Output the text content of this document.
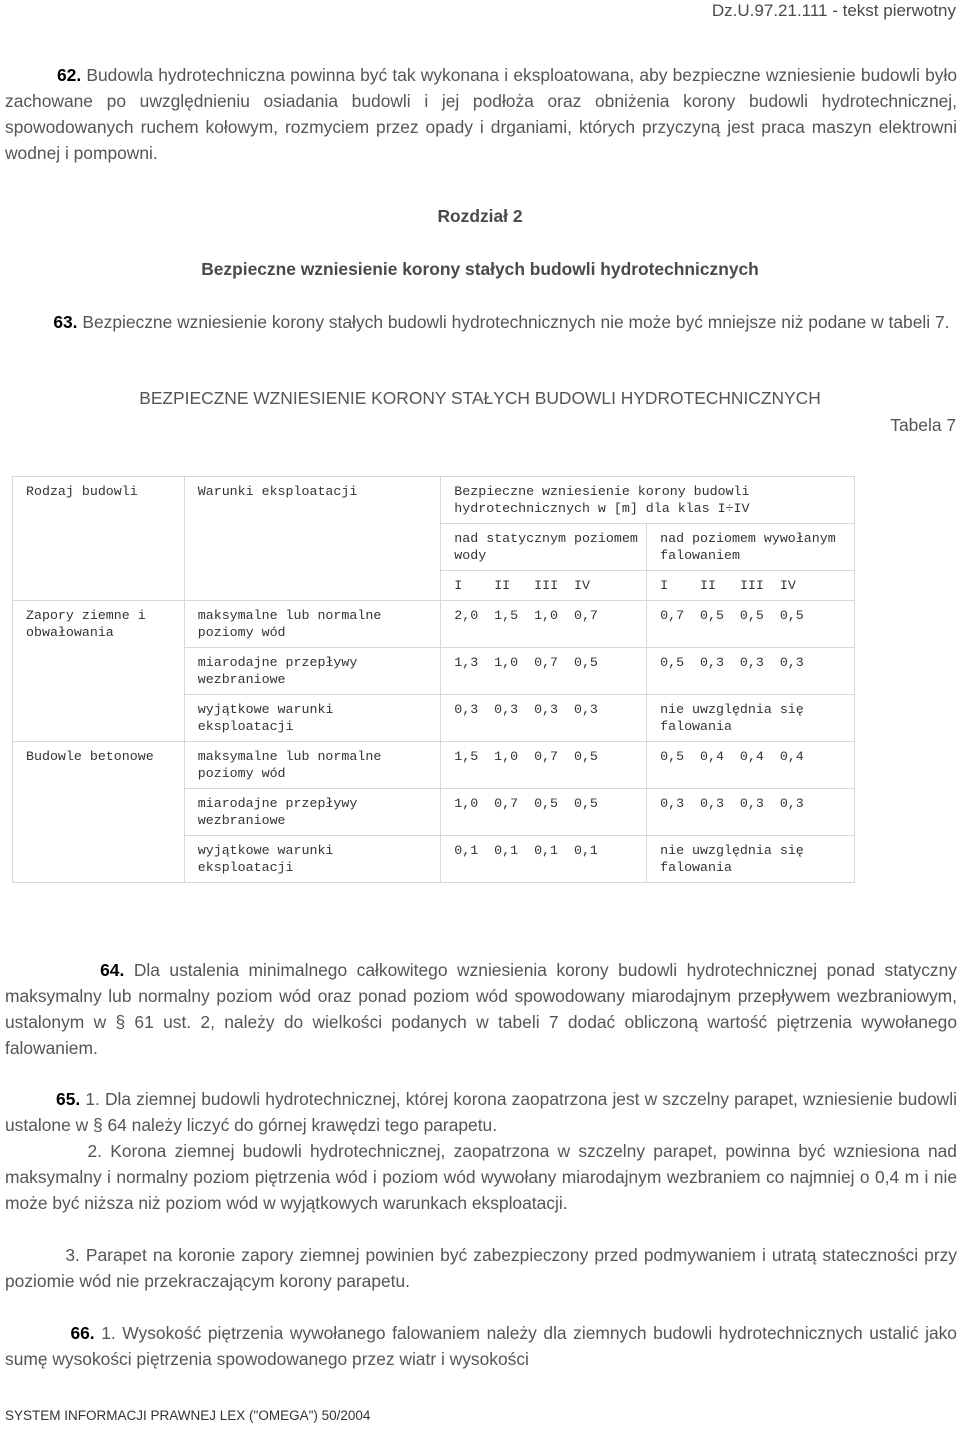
Dz.U.97.21.111 - tekst pierwotny

62. Budowla hydrotechniczna powinna być tak wykonana i eksploatowana, aby bezpieczne wzniesienie budowli było zachowane po uwzględnieniu osiadania budowli i jej podłoża oraz obniżenia korony budowli hydrotechnicznej, spowodowanych ruchem kołowym, rozmyciem przez opady i drganiami, których przyczyną jest praca maszyn elektrowni wodnej i pompowni.

Rozdział 2

Bezpieczne wzniesienie korony stałych budowli hydrotechnicznych

63. Bezpieczne wzniesienie korony stałych budowli hydrotechnicznych nie może być mniejsze niż podane w tabeli 7.

BEZPIECZNE WZNIESIENIE KORONY STAŁYCH BUDOWLI HYDROTECHNICZNYCH

Tabela 7

Rodzaj budowli	Warunki eksploatacji	Bezpieczne wzniesienie korony budowli hydrotechnicznych w [m] dla klas I÷IV	
		nad statycznym poziomem wody	nad poziomem wywołanym falowaniem
		I II III IV	I II III IV
Zapory ziemne i obwałowania	maksymalne lub normalne poziomy wód	2,0  1,5  1,0  0,7	0,7  0,5  0,5  0,5
	miarodajne przepływy wezbraniowe	1,3  1,0  0,7  0,5	0,5  0,3  0,3  0,3
	wyjątkowe warunki eksploatacji	0,3  0,3  0,3  0,3	nie uwzględnia się falowania
Budowle betonowe	maksymalne lub normalne poziomy wód	1,5  1,0  0,7  0,5	0,5  0,4  0,4  0,4
	miarodajne przepływy wezbraniowe	1,0  0,7  0,5  0,5	0,3  0,3  0,3  0,3
	wyjątkowe warunki eksploatacji	0,1  0,1  0,1  0,1	nie uwzględnia się falowania

64. Dla ustalenia minimalnego całkowitego wzniesienia korony budowli hydrotechnicznej ponad statyczny maksymalny lub normalny poziom wód oraz ponad poziom wód spowodowany miarodajnym przepływem wezbraniowym, ustalonym w § 61 ust. 2, należy do wielkości podanych w tabeli 7 dodać obliczoną wartość piętrzenia wywołanego falowaniem.

65. 1. Dla ziemnej budowli hydrotechnicznej, której korona zaopatrzona jest w szczelny parapet, wzniesienie budowli ustalone w § 64 należy liczyć do górnej krawędzi tego parapetu.

2. Korona ziemnej budowli hydrotechnicznej, zaopatrzona w szczelny parapet, powinna być wzniesiona nad maksymalny i normalny poziom piętrzenia wód i poziom wód wywołany miarodajnym wezbraniem co najmniej o 0,4 m i nie może być niższa niż poziom wód w wyjątkowych warunkach eksploatacji.

3. Parapet na koronie zapory ziemnej powinien być zabezpieczony przed podmywaniem i utratą stateczności przy poziomie wód nie przekraczającym korony parapetu.

66. 1. Wysokość piętrzenia wywołanego falowaniem należy dla ziemnych budowli hydrotechnicznych ustalić jako sumę wysokości piętrzenia spowodowanego przez wiatr i wysokości

SYSTEM INFORMACJI PRAWNEJ LEX ("OMEGA") 50/2004
